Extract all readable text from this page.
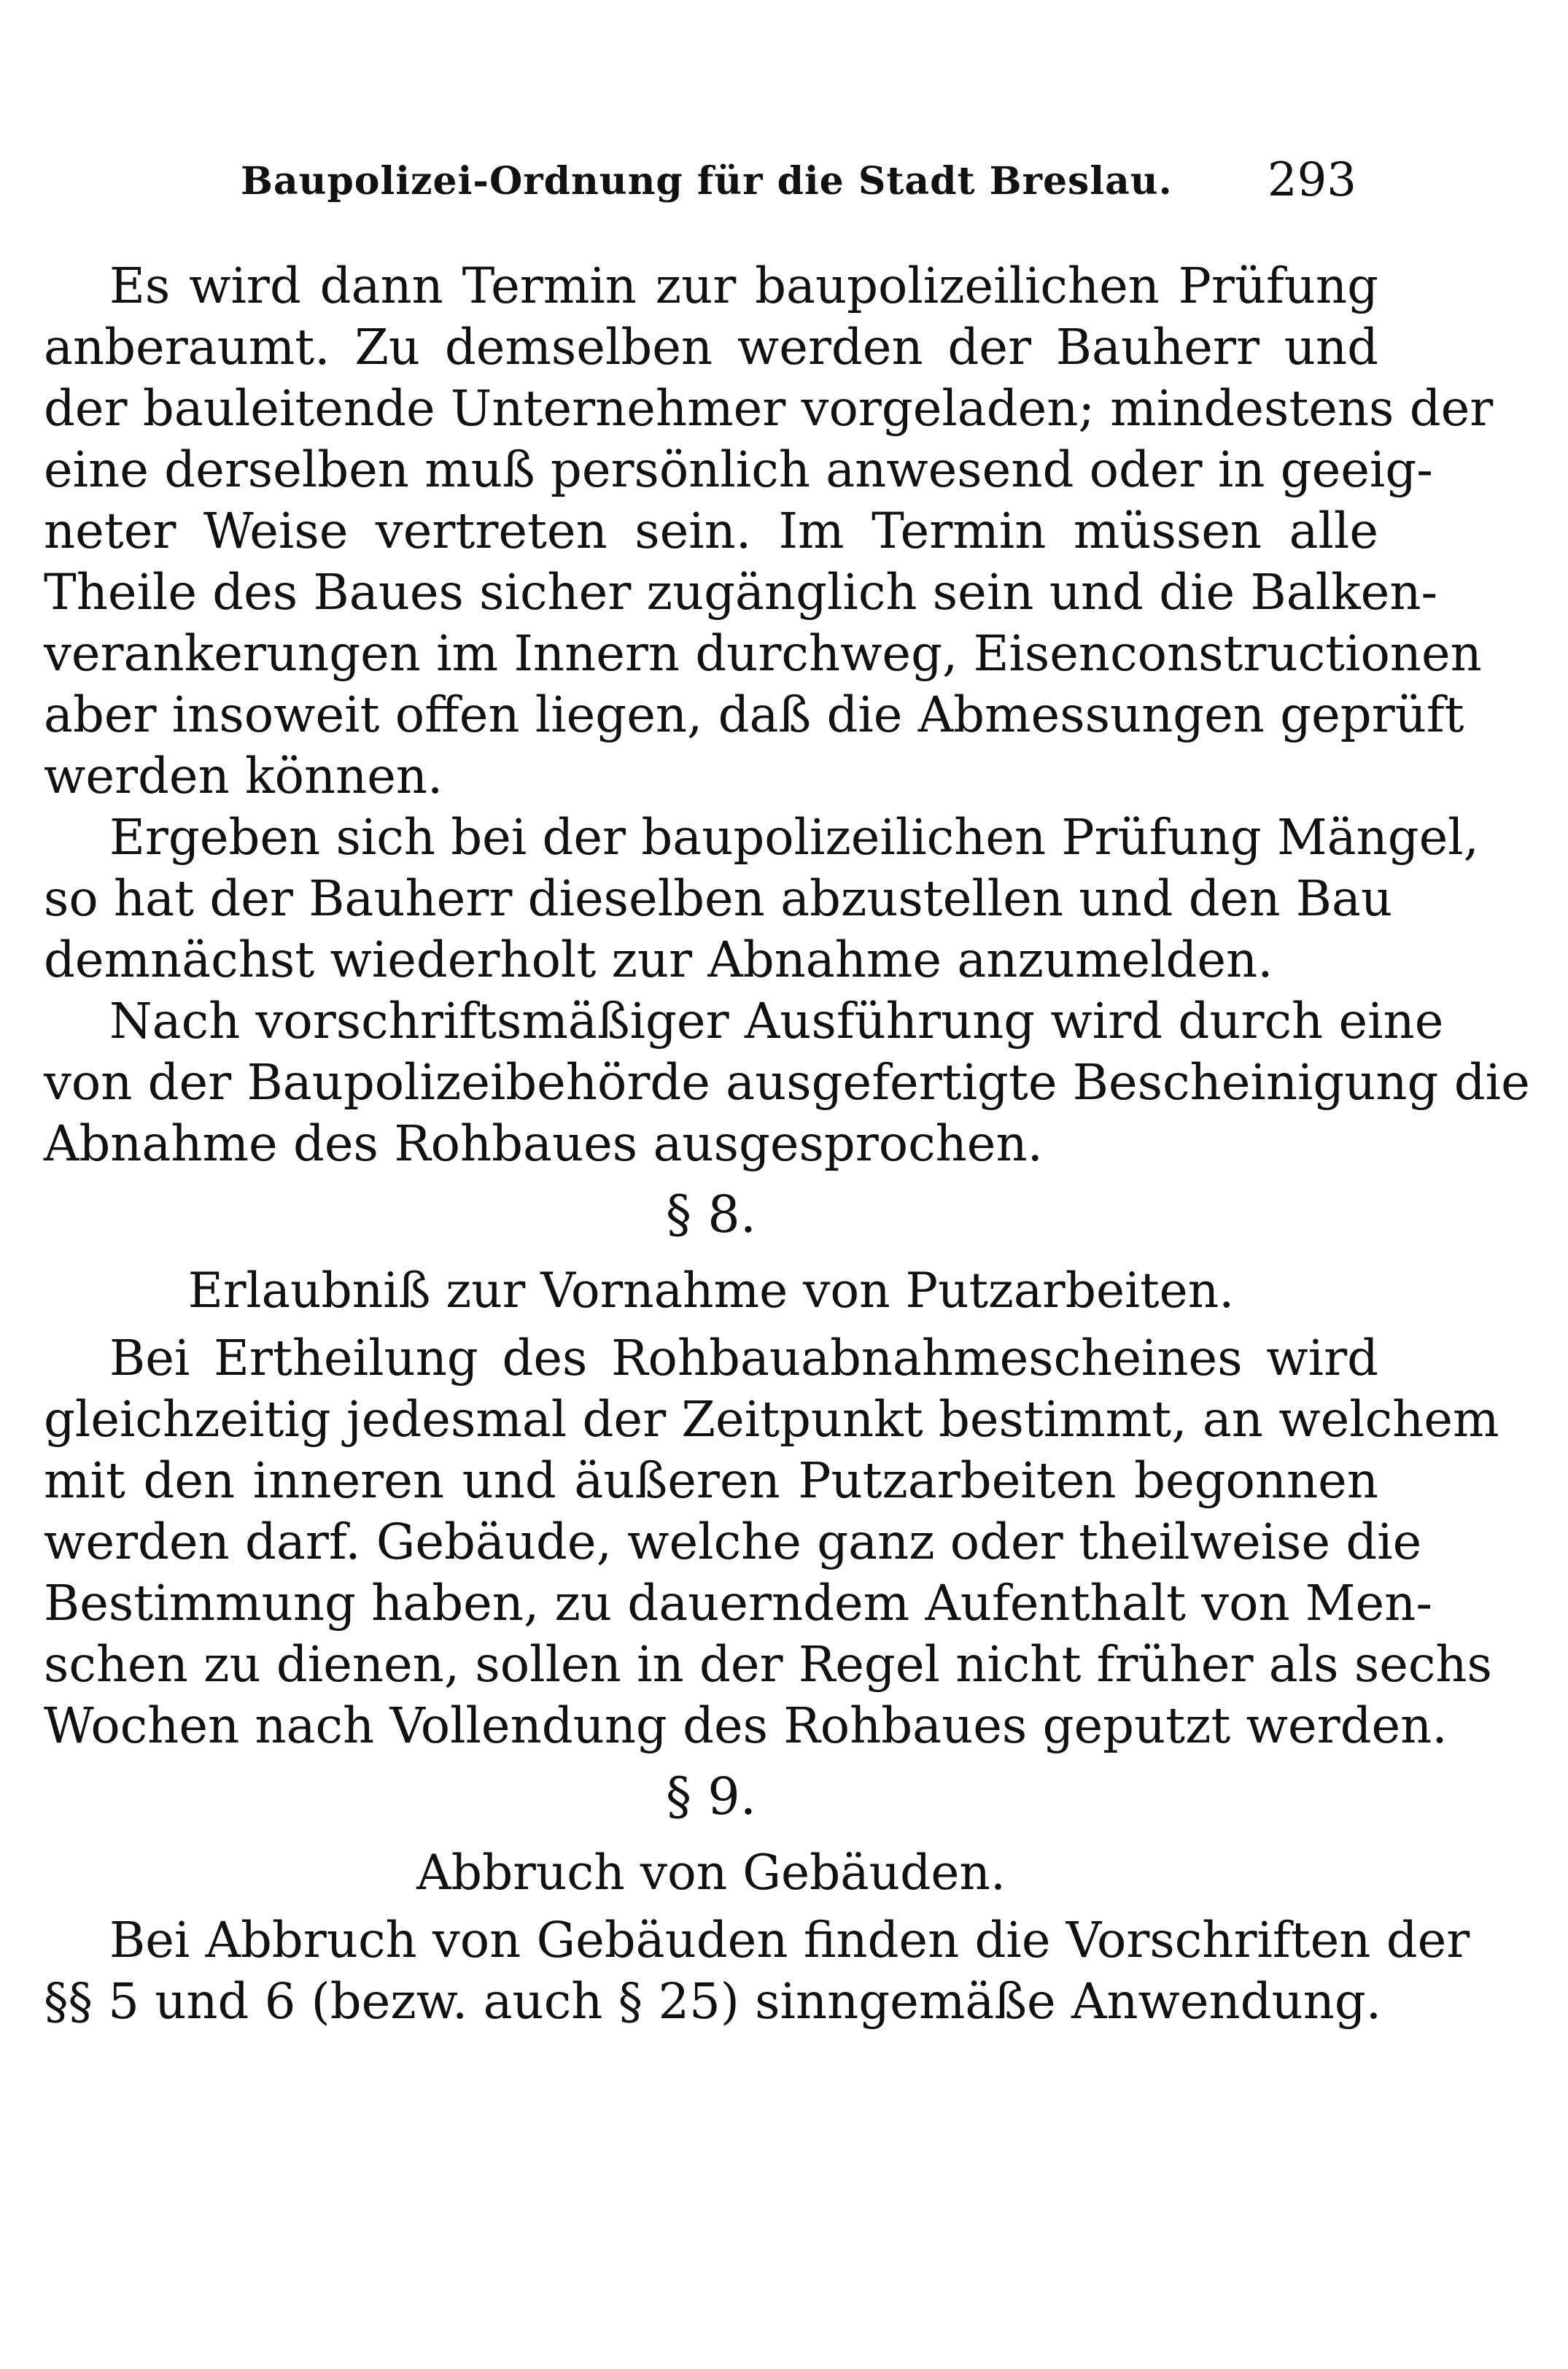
Baupolizei-Ordnung für die Stadt Breslau. 293
Es wird dann Termin zur baupolizeilichen Prüfung
anberaumt. Zu demselben werden der Bauherr und
der bauleitende Unternehmer vorgeladen; mindestens der
eine derselben muß persönlich anwesend oder in geeig-
neter Weise vertreten sein. Im Termin müssen alle
Theile des Baues sicher zugänglich sein und die Balken-
verankerungen im Innern durchweg, Eisenconstructionen
aber insoweit offen liegen, daß die Abmessungen geprüft
werden können.
Ergeben sich bei der baupolizeilichen Prüfung Mängel,
so hat der Bauherr dieselben abzustellen und den Bau
demnächst wiederholt zur Abnahme anzumelden.
Nach vorschriftsmäßiger Ausführung wird durch eine
von der Baupolizeibehörde ausgefertigte Bescheinigung die
Abnahme des Rohbaues ausgesprochen.
§ 8.
Erlaubniß zur Vornahme von Putzarbeiten.
Bei Ertheilung des Rohbauabnahmescheines wird
gleichzeitig jedesmal der Zeitpunkt bestimmt, an welchem
mit den inneren und äußeren Putzarbeiten begonnen
werden darf. Gebäude, welche ganz oder theilweise die
Bestimmung haben, zu dauerndem Aufenthalt von Men-
schen zu dienen, sollen in der Regel nicht früher als sechs
Wochen nach Vollendung des Rohbaues geputzt werden.
§ 9.
Abbruch von Gebäuden.
Bei Abbruch von Gebäuden finden die Vorschriften der
§§ 5 und 6 (bezw. auch § 25) sinngemäße Anwendung.
